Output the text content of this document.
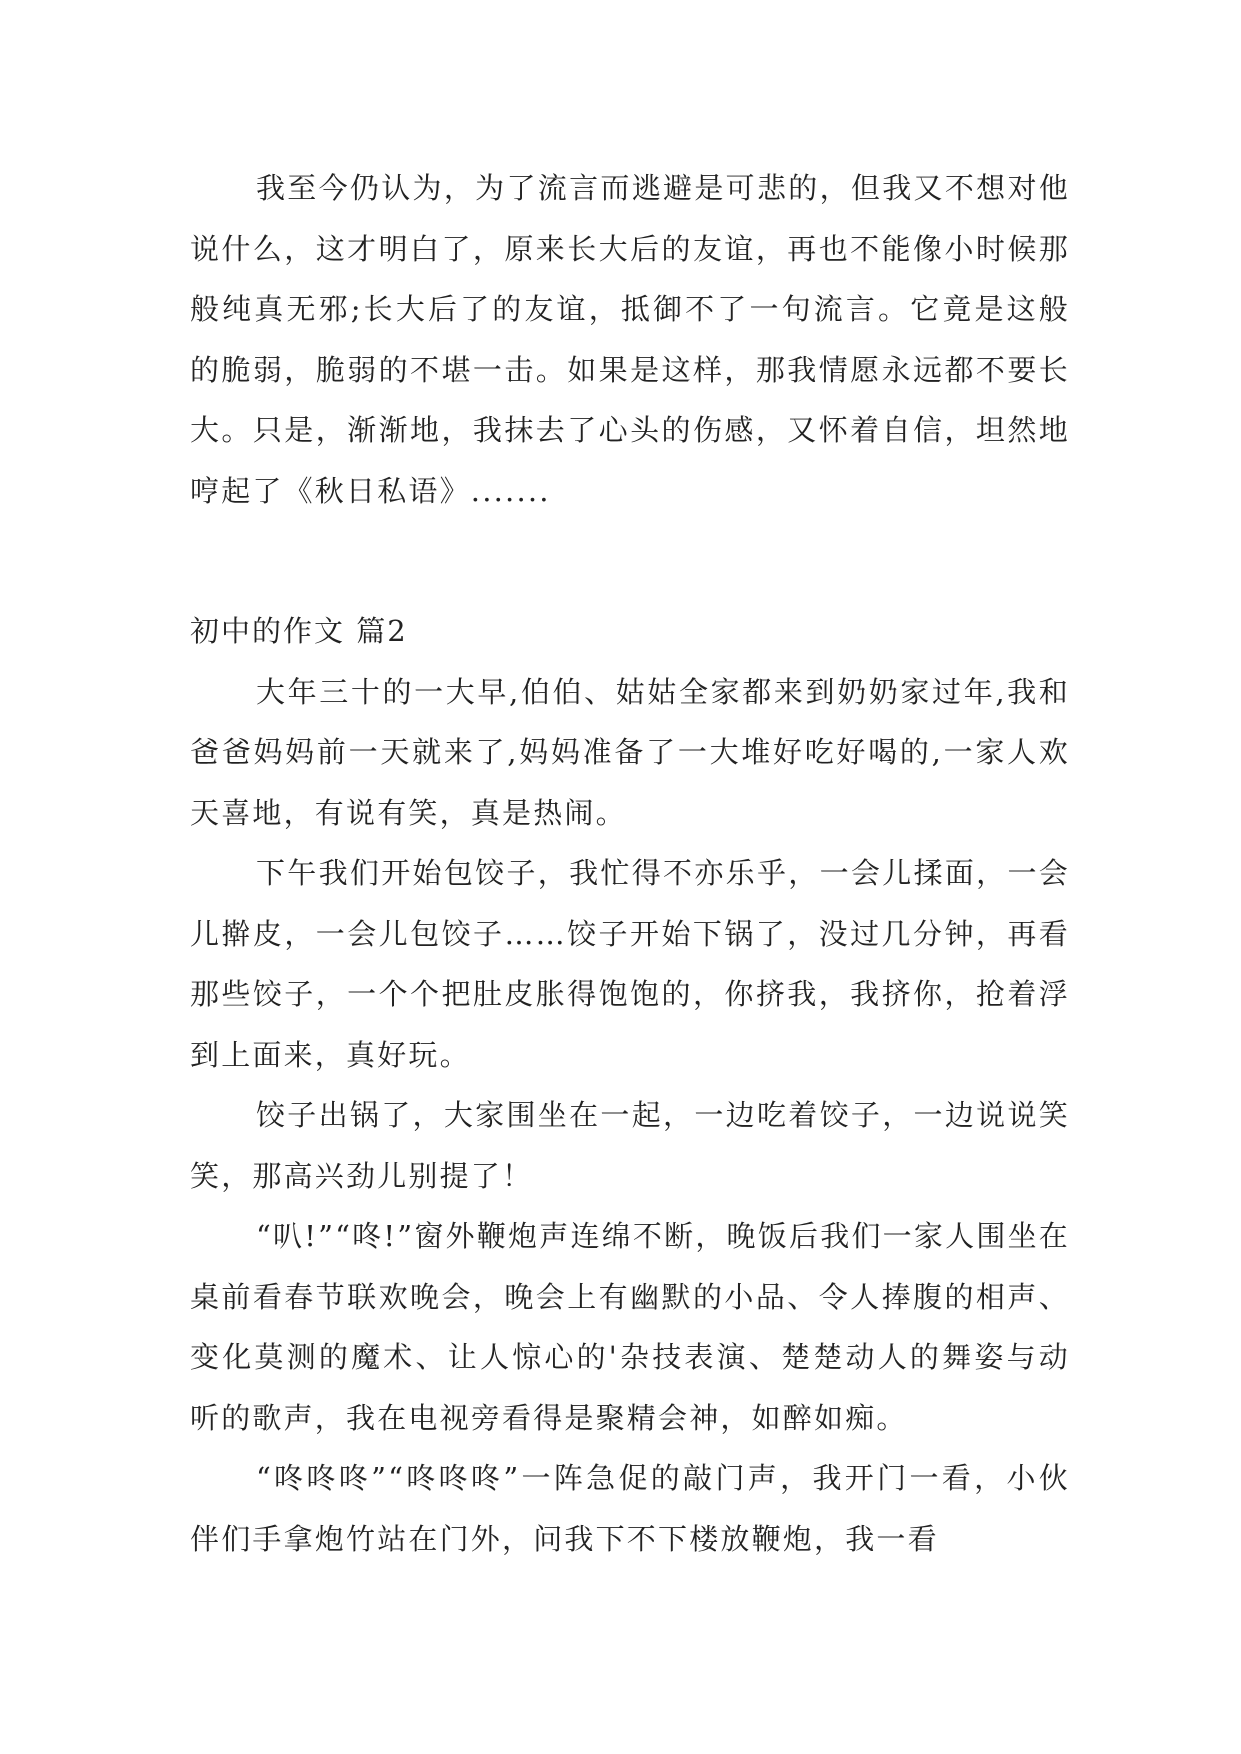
我至今仍认为，为了流言而逃避是可悲的，但我又不想对他说什么，这才明白了，原来长大后的友谊，再也不能像小时候那般纯真无邪;长大后了的友谊，抵御不了一句流言。它竟是这般的脆弱，脆弱的不堪一击。如果是这样，那我情愿永远都不要长大。只是，渐渐地，我抹去了心头的伤感，又怀着自信，坦然地哼起了《秋日私语》.......

初中的作文 篇2

大年三十的一大早,伯伯、姑姑全家都来到奶奶家过年,我和爸爸妈妈前一天就来了,妈妈准备了一大堆好吃好喝的,一家人欢天喜地，有说有笑，真是热闹。

下午我们开始包饺子，我忙得不亦乐乎，一会儿揉面，一会儿擀皮，一会儿包饺子……饺子开始下锅了，没过几分钟，再看那些饺子，一个个把肚皮胀得饱饱的，你挤我，我挤你，抢着浮到上面来，真好玩。

饺子出锅了，大家围坐在一起，一边吃着饺子，一边说说笑笑，那高兴劲儿别提了！

“叭!”“咚!”窗外鞭炮声连绵不断，晚饭后我们一家人围坐在桌前看春节联欢晚会，晚会上有幽默的小品、令人捧腹的相声、变化莫测的魔术、让人惊心的'杂技表演、楚楚动人的舞姿与动听的歌声，我在电视旁看得是聚精会神，如醉如痴。

“咚咚咚”“咚咚咚”一阵急促的敲门声，我开门一看，小伙伴们手拿炮竹站在门外，问我下不下楼放鞭炮，我一看
